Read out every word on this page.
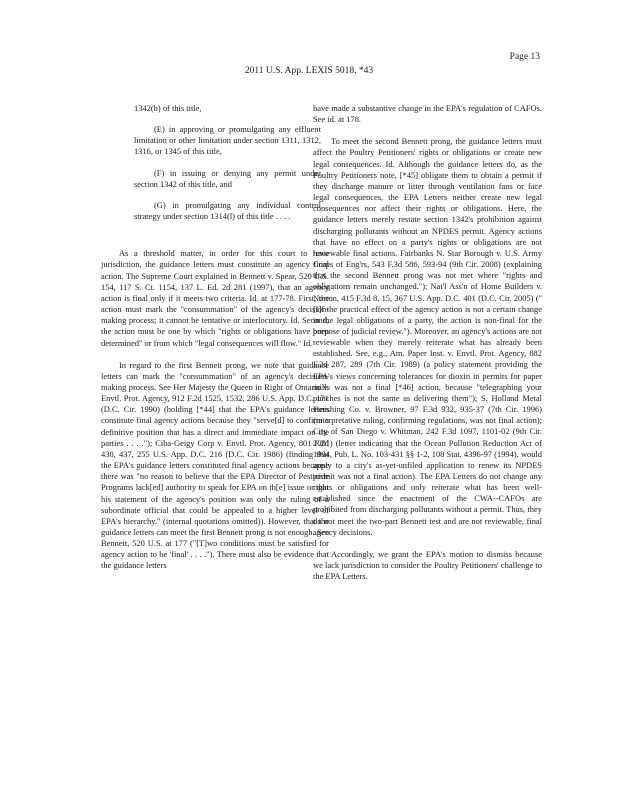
Page 13
2011 U.S. App. LEXIS 5018, *43

1342(b) of this title,

(E) in approving or promulgating any effluent limitation or other limitation under section 1311, 1312, 1316, or 1345 of this title,

(F) in issuing or denying any permit under section 1342 of this title, and

(G) in promulgating any individual control strategy under section 1314(l) of this title . . . .

As a threshold matter, in order for this court to have jurisdiction, the guidance letters must constitute an agency final action. The Supreme Court explained in Bennett v. Spear, 520 U.S. 154, 117 S. Ct. 1154, 137 L. Ed. 2d 281 (1997), that an agency action is final only if it meets two criteria. Id. at 177-78. First, the action must mark the "consummation" of the agency's decision-making process; it cannot be tentative or interlocutory. Id. Second, the action must be one by which "rights or obligations have been determined" or from which "legal consequences will flow." Id.

In regard to the first Bennett prong, we note that guidance letters can mark the "consummation" of an agency's decision-making process. See Her Majesty the Queen in Right of Ontario v. Envtl. Prot. Agency, 912 F.2d 1525, 1532, 286 U.S. App. D.C. 171 (D.C. Cir. 1990) (holding [*44] that the EPA's guidance letters constitute final agency actions because they "serve[d] to confirm a definitive position that has a direct and immediate impact on the parties . . . ."); Ciba-Geigy Corp v. Envtl. Prot. Agency, 801 F.2d 430, 437, 255 U.S. App. D.C. 216 (D.C. Cir. 1986) (finding that the EPA's guidance letters constituted final agency actions because there was "no reason to believe that the EPA Director of Pesticide Programs lack[ed] authority to speak for EPA on th[e] issue or that his statement of the agency's position was only the ruling of a subordinate official that could be appealed to a higher level of EPA's hierarchy." (internal quotations omitted)). However, that the guidance letters can meet the first Bennett prong is not enough. See Bennett, 520 U.S. at 177 ("[T]wo conditions must be satisfied for agency action to be 'final' . . . ."). There must also be evidence that the guidance letters

have made a substantive change in the EPA's regulation of CAFOs. See id. at 178.

To meet the second Bennett prong, the guidance letters must affect the Poultry Petitioners' rights or obligations or create new legal consequences. Id. Although the guidance letters do, as the Poultry Petitioners note, [*45] obligate them to obtain a permit if they discharge manure or litter through ventilation fans or face legal consequences, the EPA Letters neither create new legal consequences nor affect their rights or obligations. Here, the guidance letters merely restate section 1342's prohibition against discharging pollutants without an NPDES permit. Agency actions that have no effect on a party's rights or obligations are not reviewable final actions. Fairbanks N. Star Borough v. U.S. Army Corps of Eng'rs, 543 F.3d 586, 593-94 (9th Cir. 2008) (explaining that the second Bennett prong was not met where "rights and obligations remain unchanged."); Nat'l Ass'n of Home Builders v. Norton, 415 F.3d 8, 15, 367 U.S. App. D.C. 401 (D.C. Cir. 2005) ("[I]f the practical effect of the agency action is not a certain change in the legal obligations of a party, the action is non-final for the purpose of judicial review."). Moreover, an agency's actions are not reviewable when they merely reiterate what has already been established. See, e.g., Am. Paper Inst. v. Envtl. Prot. Agency, 882 F.2d 287, 289 (7th Cir. 1989) (a policy statement providing the EPA's views concerning tolerances for dioxin in permits for paper mills was not a final [*46] action, because "telegraphing your punches is not the same as delivering them"); S. Holland Metal Finishing Co. v. Browner, 97 F.3d 932, 935-37 (7th Cir. 1996) (interpretative ruling, confirming regulations, was not final action); City of San Diego v. Whitman, 242 F.3d 1097, 1101-02 (9th Cir. 2001) (letter indicating that the Ocean Pollution Reduction Act of 1994, Pub. L. No. 103-431 §§ 1-2, 108 Stat. 4396-97 (1994), would apply to a city's as-yet-unfiled application to renew its NPDES permit was not a final action). The EPA Letters do not change any rights or obligations and only reiterate what has been well-established since the enactment of the CWA--CAFOs are prohibited from discharging pollutants without a permit. Thus, they do not meet the two-part Bennett test and are not reviewable, final agency decisions.

Accordingly, we grant the EPA's motion to dismiss because we lack jurisdiction to consider the Poultry Petitioners' challenge to the EPA Letters.
